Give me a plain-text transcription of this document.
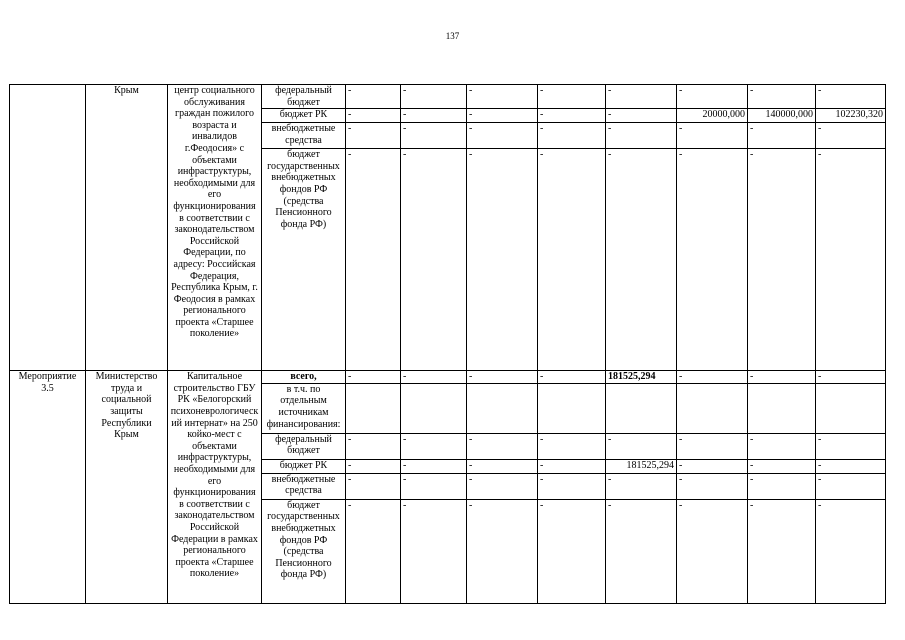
137
	Крым	центр социального обслуживания граждан пожилого возраста и инвалидов г.Феодосия» с объектами инфраструктуры, необходимыми для его функционирования в соответствии с законодательством Российской Федерации, по адресу: Российская Федерация, Республика Крым, г. Феодосия в рамках регионального проекта «Старшее поколение»	федеральный бюджет	-	-	-	-	-	-	-	-
			бюджет РК	-	-	-	-	-	20000,000	140000,000	102230,320
			внебюджетные средства	-	-	-	-	-	-	-	-
			бюджет государственных внебюджетных фондов РФ (средства Пенсионного фонда РФ)	-	-	-	-	-	-	-	-
Мероприятие 3.5	Министерство труда и социальной защиты Республики Крым	Капитальное строительство ГБУ РК «Белогорский психоневрологический интернат» на 250 койко-мест с объектами инфраструктуры, необходимыми для его функционирования в соответствии с законодательством Российской Федерации в рамках регионального проекта «Старшее поколение»	всего,	-	-	-	-	181525,294	-	-	-
			в т.ч. по отдельным источникам финансирования:								
			федеральный бюджет	-	-	-	-	-	-	-	-
			бюджет РК	-	-	-	-	181525,294	-	-	-
			внебюджетные средства	-	-	-	-	-	-	-	-
			бюджет государственных внебюджетных фондов РФ (средства Пенсионного фонда РФ)	-	-	-	-	-	-	-	-
